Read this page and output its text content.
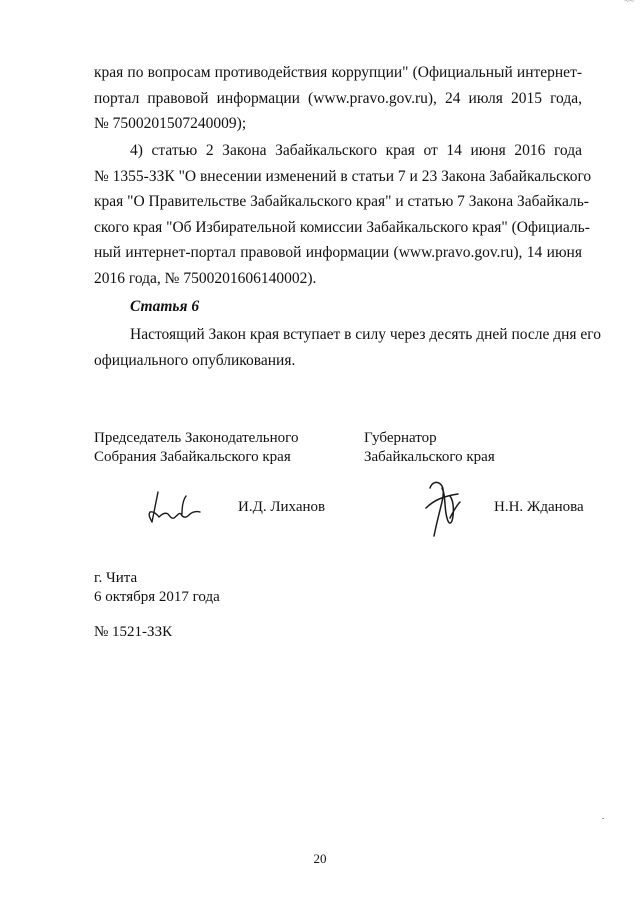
~~
края по вопросам противодействия коррупции" (Официальный интернет-
портал правовой информации (www.pravo.gov.ru), 24 июля 2015 года,
№ 7500201507240009);
4) статью 2 Закона Забайкальского края от 14 июня 2016 года
№ 1355-ЗЗК "О внесении изменений в статьи 7 и 23 Закона Забайкальского
края "О Правительстве Забайкальского края" и статью 7 Закона Забайкаль-
ского края "Об Избирательной комиссии Забайкальского края" (Официаль-
ный интернет-портал правовой информации (www.pravo.gov.ru), 14 июня
2016 года, № 7500201606140002).
Статья 6
Настоящий Закон края вступает в силу через десять дней после дня его
официального опубликования.
Председатель Законодательного
Собрания Забайкальского края
Губернатор
Забайкальского края
И.Д. Лиханов	Н.Н. Жданова
г. Чита
6 октября 2017 года
№ 1521-ЗЗК
20
